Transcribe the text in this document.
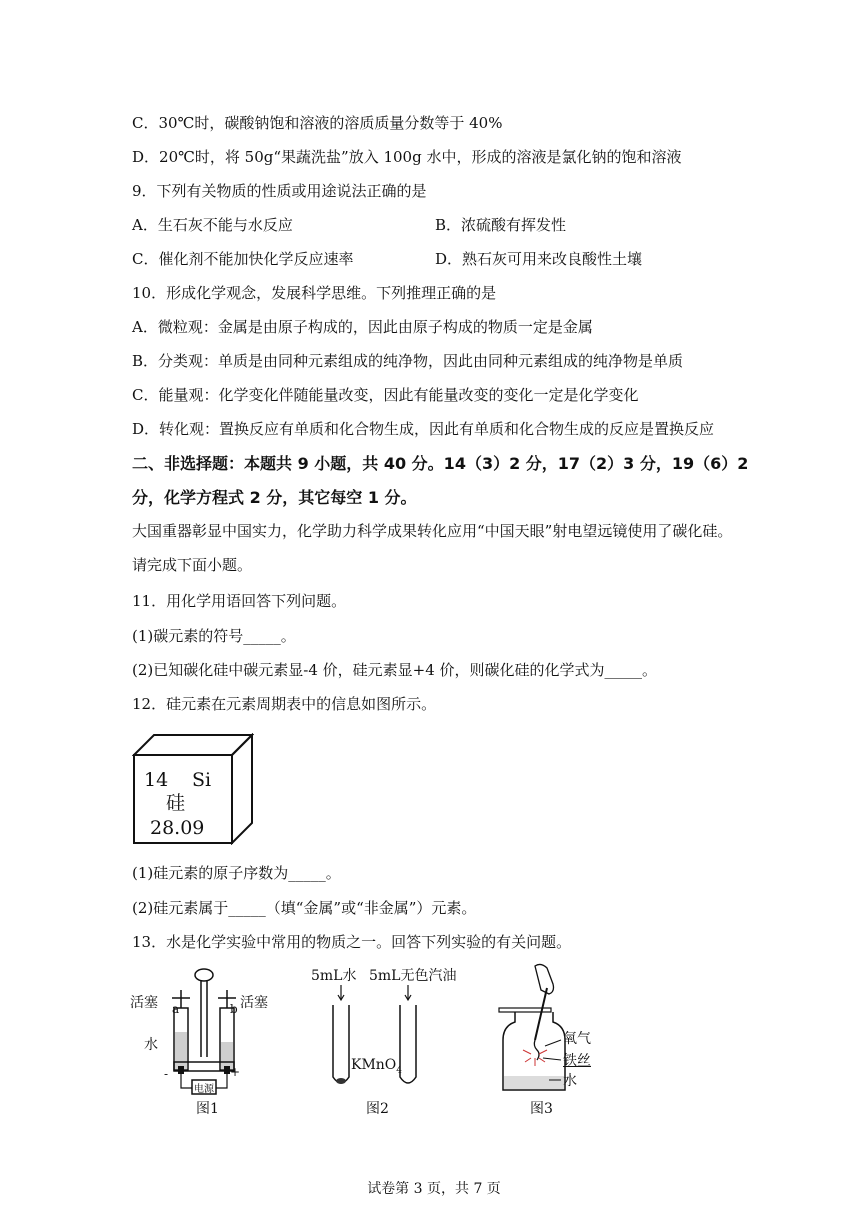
C．30℃时，碳酸钠饱和溶液的溶质质量分数等于 40%
D．20℃时，将 50g“果蔬洗盐”放入 100g 水中，形成的溶液是氯化钠的饱和溶液
9．下列有关物质的性质或用途说法正确的是
A．生石灰不能与水反应	B．浓硫酸有挥发性
C．催化剂不能加快化学反应速率	D．熟石灰可用来改良酸性土壤
10．形成化学观念，发展科学思维。下列推理正确的是
A．微粒观：金属是由原子构成的，因此由原子构成的物质一定是金属
B．分类观：单质是由同种元素组成的纯净物，因此由同种元素组成的纯净物是单质
C．能量观：化学变化伴随能量改变，因此有能量改变的变化一定是化学变化
D．转化观：置换反应有单质和化合物生成，因此有单质和化合物生成的反应是置换反应
二、非选择题：本题共 9 小题，共 40 分。14（3）2 分，17（2）3 分，19（6）2
分，化学方程式 2 分，其它每空 1 分。
大国重器彰显中国实力，化学助力科学成果转化应用“中国天眼”射电望远镜使用了碳化硅。
请完成下面小题。
11．用化学用语回答下列问题。
(1)碳元素的符号_____。
(2)已知碳化硅中碳元素显-4 价，硅元素显+4 价，则碳化硅的化学式为_____。
12．硅元素在元素周期表中的信息如图所示。
14 Si
硅
28.09
(1)硅元素的原子序数为_____。
(2)硅元素属于_____（填“金属”或“非金属”）元素。
13．水是化学实验中常用的物质之一。回答下列实验的有关问题。
活塞 a	活塞
b
水
-	+
电源
图1
5mL水 5mL无色汽油
KMnO$_4$
图2
氧气
铁丝
水
图3
试卷第 3 页，共 7 页
